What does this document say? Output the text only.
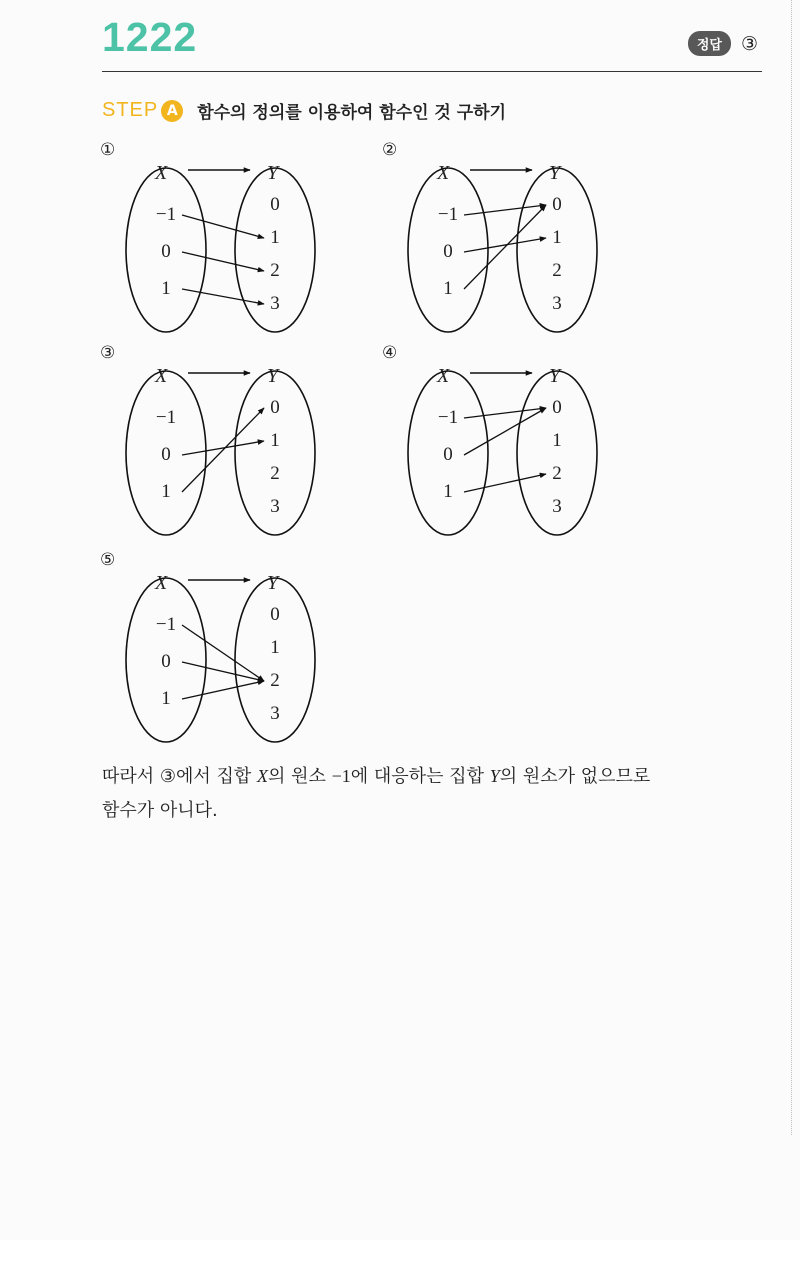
1222	정답	③
STEP A	함수의 정의를 이용하여 함수인 것 구하기
①
X	Y
−1
0
1
0
1
2
3
②
X	Y
−1
0
1
0
1
2
3
③
X	Y
−1
0
1
0
1
2
3
④
X	Y
−1
0
1
0
1
2
3
⑤
X	Y
−1
0
1
0
1
2
3
따라서 ③에서 집합 X의 원소 −1에 대응하는 집합 Y의 원소가 없으므로
함수가 아니다.
